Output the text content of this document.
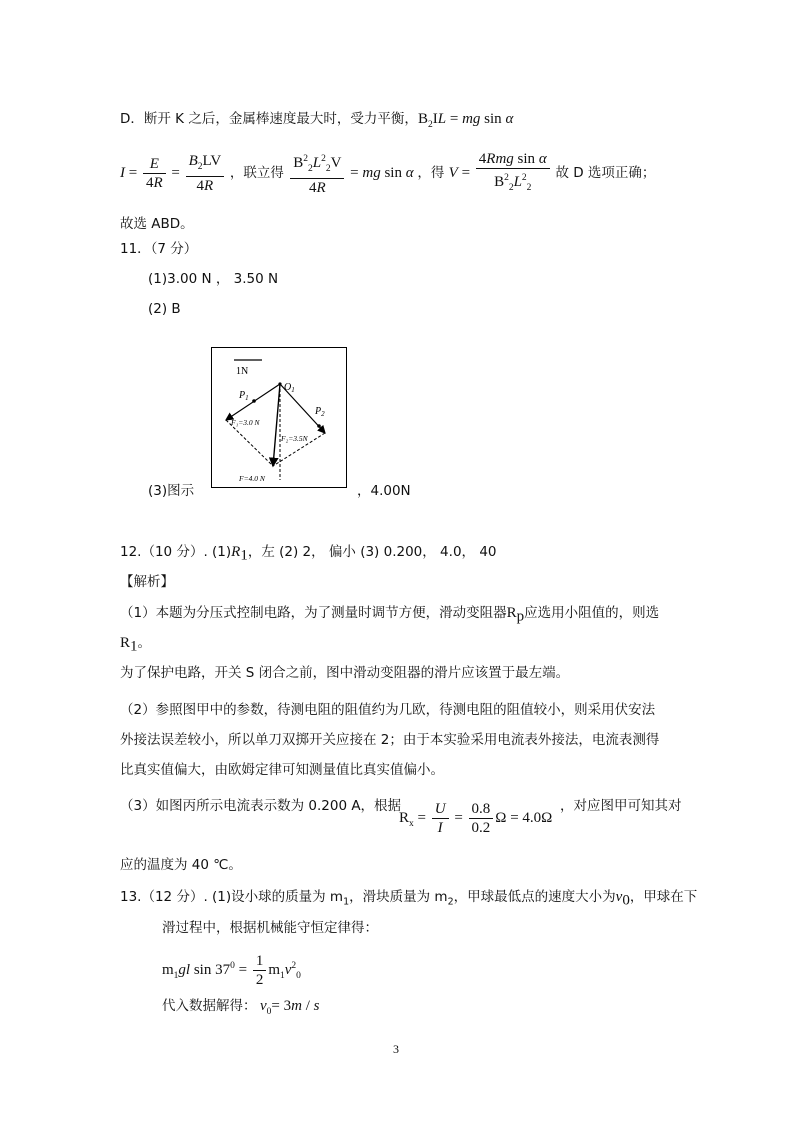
D．断开 K 之后，金属棒速度最大时，受力平衡， $B_2IL$ = mg sin α
$I = \frac{E}{4R} = \frac{B_2LV}{4R}$ ，联立得 $\frac{B^2_2L^2_2V}{4R}$ = mg sin α ，得 $V = \frac{\text{4Rmg sin α}}{B^2_2L^2_2}$ 故 D 选项正确；
故选 ABD。
11．（7 分）
(1)3.00 N ， 3.50 N
(2) B
1N
$O_1$
$P_1$
F₁=3.0 N
$P_2$
F₂=3.5N
F=4.0 N
(3)图示	，4.00N
12.（10 分）. $(1)R_1$，左 (2) 2， 偏小 (3) 0.200， 4.0， 40
【解析】
（1）本题为分压式控制电路，为了测量时调节方便，滑动变阻器$R_p$应选用小阻值的，则选
$R_1$。
为了保护电路，开关 S 闭合之前，图中滑动变阻器的滑片应该置于最左端。
（2）参照图甲中的参数，待测电阻的阻值约为几欧，待测电阻的阻值较小，则采用伏安法
外接法误差较小，所以单刀双掷开关应接在 2；由于本实验采用电流表外接法，电流表测得
比真实值偏大，由欧姆定律可知测量值比真实值偏小。
（3）如图丙所示电流表示数为 0.200 A，根据
$R_x = \frac{U}{I} = \frac{0.8}{0.2}$ Ω = 4.0Ω
，对应图甲可知其对
应的温度为 40 ℃。
13.（12 分）. (1)设小球的质量为 $m_1$，滑块质量为 $m_2$，甲球最低点的速度大小为$v_0$，甲球在下
滑过程中，根据机械能守恒定律得：
$m_1gl$ $\sin 37^0 = \frac{1}{2} m_1v^2_0$
代入数据解得： $v_0= 3m / s$
3
